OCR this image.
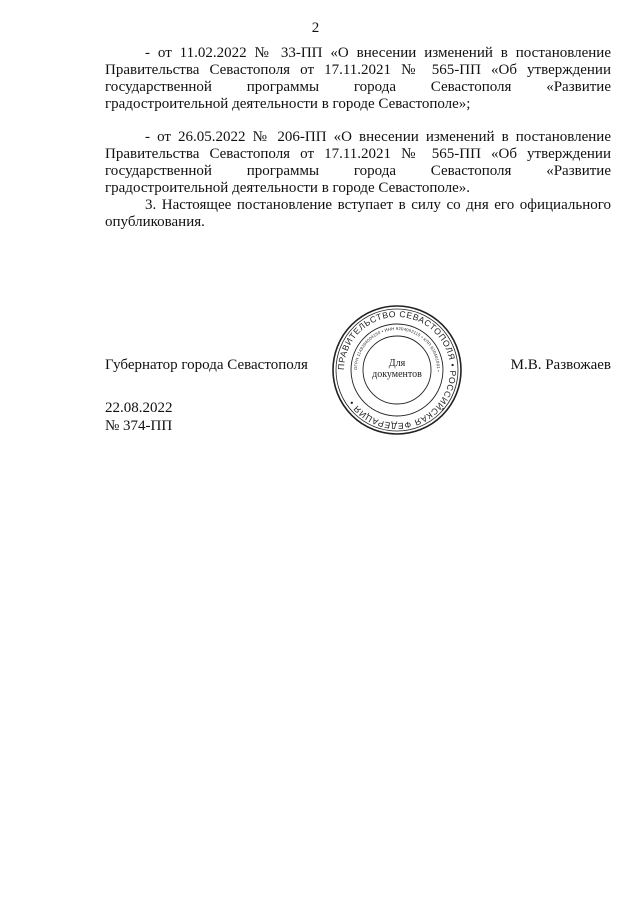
2
- от 11.02.2022 № 33-ПП «О внесении изменений в постановление
Правительства Севастополя от 17.11.2021 № 565-ПП «Об утверждении
государственной программы города Севастополя «Развитие
градостроительной деятельности в городе Севастополе»;
- от 26.05.2022 № 206-ПП «О внесении изменений в постановление
Правительства Севастополя от 17.11.2021 № 565-ПП «Об утверждении
государственной программы города Севастополя «Развитие
градостроительной деятельности в городе Севастополе».
3. Настоящее постановление вступает в силу со дня его официального
опубликования.
Губернатор города Севастополя	М.В. Развожаев
22.08.2022
№ 374-ПП
ПРАВИТЕЛЬСТВО СЕВАСТОПОЛЯ • РОССИЙСКАЯ ФЕДЕРАЦИЯ •
ОГРН 1149204004150 • ИНН 9204002115 • КПП 920401001 •
Для
документов
